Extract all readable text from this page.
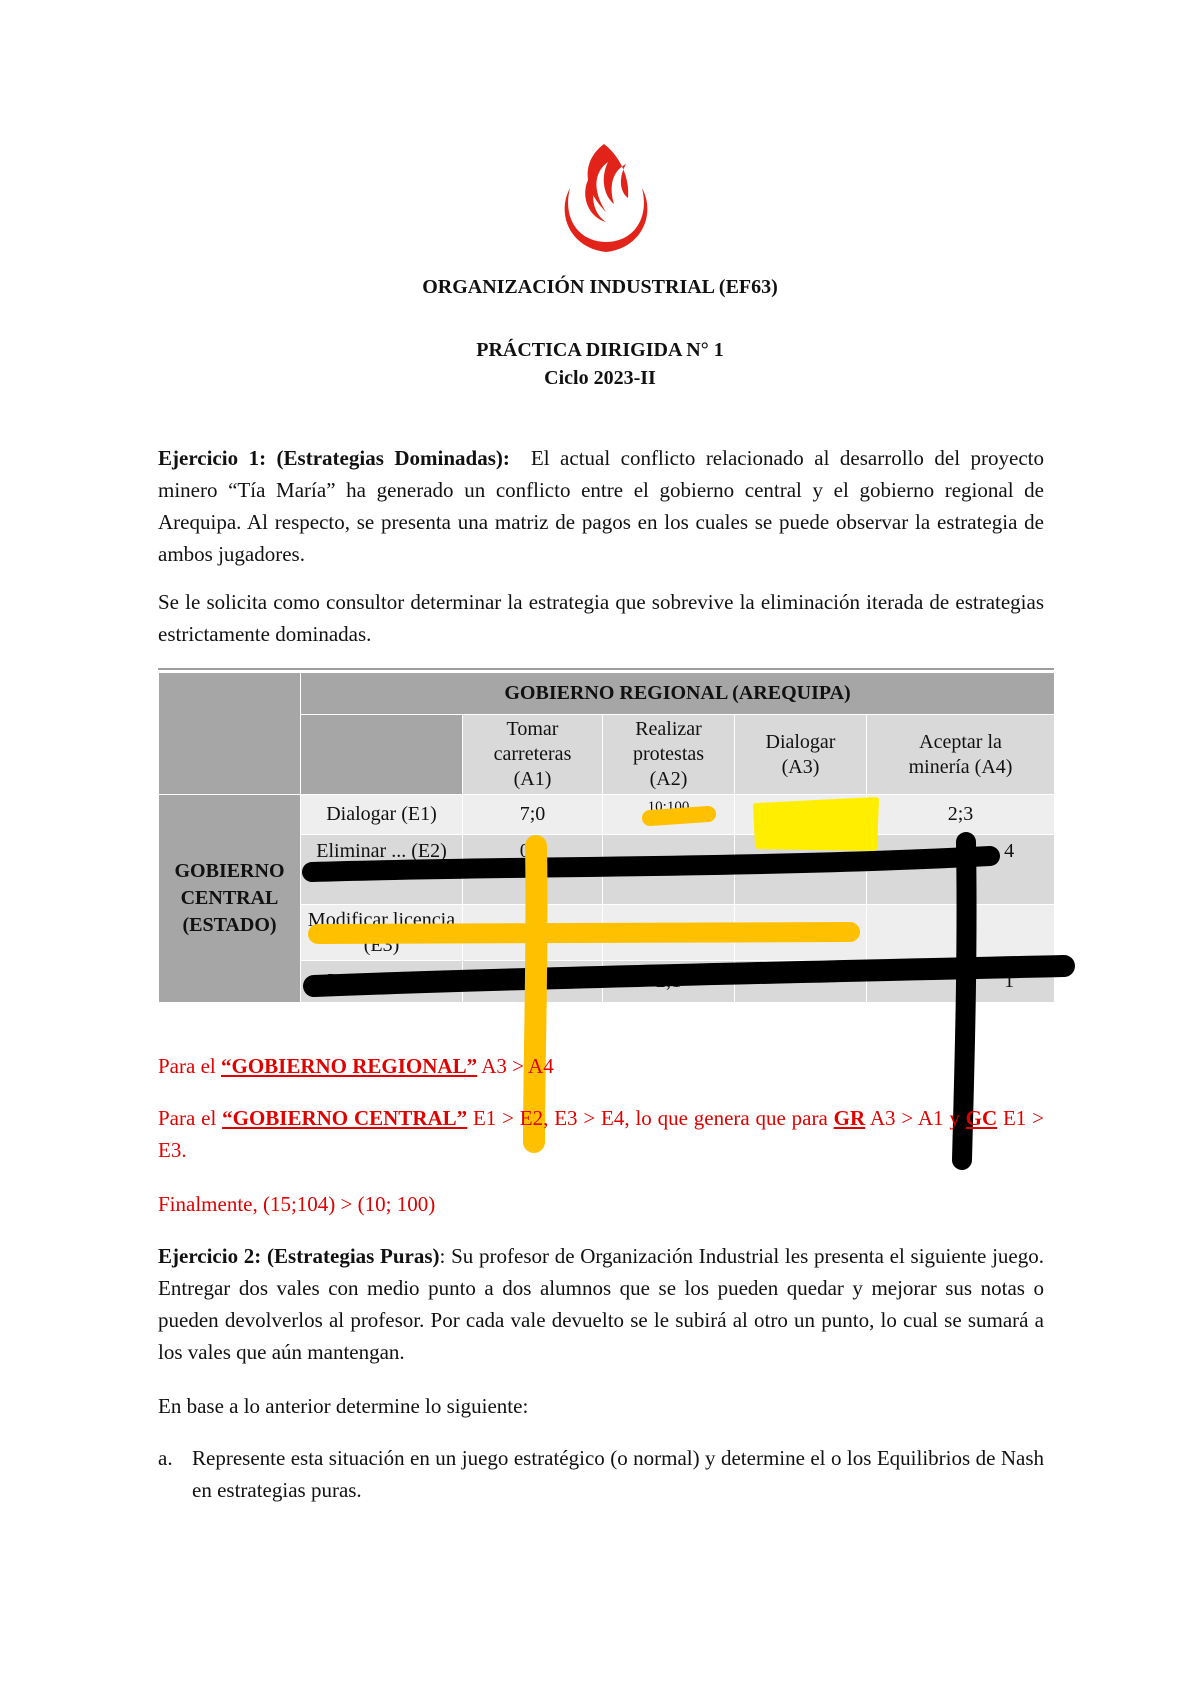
ORGANIZACIÓN INDUSTRIAL (EF63)
PRÁCTICA DIRIGIDA N° 1
Ciclo 2023-II
Ejercicio 1: (Estrategias Dominadas): El actual conflicto relacionado al desarrollo del proyecto minero “Tía María” ha generado un conflicto entre el gobierno central y el gobierno regional de Arequipa. Al respecto, se presenta una matriz de pagos en los cuales se puede observar la estrategia de ambos jugadores.
Se le solicita como consultor determinar la estrategia que sobrevive la eliminación iterada de estrategias estrictamente dominadas.
	GOBIERNO REGIONAL (AREQUIPA)				
		Tomar carreteras (A1)	Realizar protestas (A2)	Dialogar (A3)	Aceptar la minería (A4)
GOBIERNO CENTRAL (ESTADO)	Dialogar (E1)	7;0	10;100		2;3
	Eliminar ... (E2)	0;6			4
	Modificar licencia (E3)				
	Imponer (E4)	1;20	2;1		1
Para el “GOBIERNO REGIONAL” A3 > A4
Para el “GOBIERNO CENTRAL” E1 > E2, E3 > E4, lo que genera que para GR A3 > A1 y GC E1 > E3.
Finalmente, (15;104) > (10; 100)
Ejercicio 2: (Estrategias Puras): Su profesor de Organización Industrial les presenta el siguiente juego. Entregar dos vales con medio punto a dos alumnos que se los pueden quedar y mejorar sus notas o pueden devolverlos al profesor. Por cada vale devuelto se le subirá al otro un punto, lo cual se sumará a los vales que aún mantengan.
En base a lo anterior determine lo siguiente:
a. Represente esta situación en un juego estratégico (o normal) y determine el o los Equilibrios de Nash en estrategias puras.
